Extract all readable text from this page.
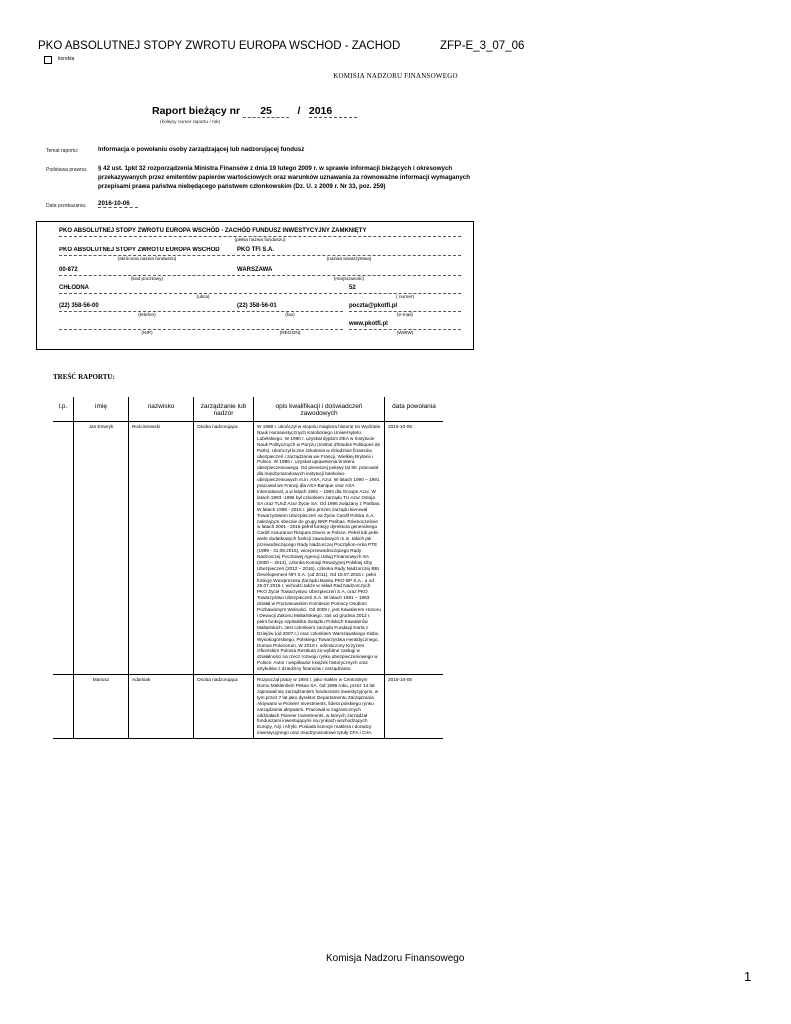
PKO ABSOLUTNEJ STOPY ZWROTU EUROPA WSCHÓD - ZACHÓD	ZFP-E_3_07_06
korekta
KOMISJA NADZORU FINANSOWEGO
Raport bieżący nr 25 / 2016
(kolejny numer raportu / rok)
Temat raportu:	Informacja o powołaniu osoby zarządzającej lub nadzorującej fundusz
Podstawa prawna: § 42 ust. 1pkt 32 rozporządzenia Ministra Finansów z dnia 19 lutego 2009 r. w sprawie informacji bieżących i okresowych przekazywanych przez emitentów papierów wartościowych oraz warunków uznawania za równoważne informacji wymaganych przepisami prawa państwa niebędącego państwem członkowskim (Dz. U. z 2009 r. Nr 33, poz. 259)
Data przekazania: 2016-10-06
PKO ABSOLUTNEJ STOPY ZWROTU EUROPA WSCHÓD - ZACHÓD FUNDUSZ INWESTYCYJNY ZAMKNIĘTY
(pełna nazwa funduszu)
PKO ABSOLUTNEJ STOPY ZWROTU EUROPA WSCHÓD
(skrócona nazwa funduszu)
PKO TFI S.A.
(nazwa towarzystwa)
00-872
(kod pocztowy)
WARSZAWA
(miejscowość)
CHŁODNA
(ulica)
52
( numer)
(22) 358-56-00
(telefon)
(22) 358-56-01
(fax)
poczta@pkotfi.pl
(e-mail)
(NIP)	(REGON)
www.pkotfi.pl
(WWW)
TREŚĆ RAPORTU:
l.p.	imię	nazwisko	zarządzanie lub nadzór	opis kwalifikacji i doświadczeń zawodowych	data powołania
	Jan Emeryk	Rościszewski	Osoba nadzorująca	W 1988 r. ukończył w stopniu magistra historię na Wydziale Nauk Humanistycznych Katolickiego Uniwersytetu Lubelskiego. W 1990 r. uzyskał dyplom DEA w Instytucie Nauk Politycznych w Paryżu (Institut d'Etudes Politiques de Paris). Ukończył liczne szkolenia w dziedzinie finansów, ubezpieczeń i zarządzania we Francji, Wielkiej Brytanii i Polsce. W 1996 r. uzyskał uprawnienia brokera ubezpieczeniowego. Od pierwszej połowy lat 90. pracował dla międzynarodowych instytucji bankowo-ubezpieczeniowych m.in. AXA, Azur. W latach 1990 – 1991 pracował we Francji dla AXA Banque oraz AXA International, a w latach 1991 – 1993 dla Groupe Azur. W latach 1993 -1996 był członkiem zarządu TU Azur Ostoja SA oraz TUnŻ Azur Życie SA. Od 1996 związany z Paribas. W latach 1998 - 2016 r. jako prezes zarządu kierował Towarzystwem Ubezpieczeń na Życie Cardif Polska S.A. należącym obecnie do grupy BNP Paribas. Równocześnie w latach 2001 - 2016 pełnił funkcję dyrektora generalnego Cardif Assurance Risques Divers w Polsce. Pełnił lub pełni wiele dodatkowych funkcji zawodowych m.in. takich jak przewodniczącego Rady Nadzorczej Pocztylion-Arka PTE (1999 - 31.08.2016), wiceprzewodniczącego Rady Nadzorczej Pocztowej Agencji Usług Finansowych SA (2000 – 2014), członka Komisji Rewizyjnej Polskiej Izby Ubezpieczeń (2012 – 2016), członka Rady Nadzorczej BBI Developement NFI S.A. (od 2011). Od 18.07.2016 r. pełni funkcję Wiceprezesa Zarządu Banku PKO BP S.A., a od 25.07.2016 r. wchodzi także w skład Rad Nadzorczych PKO Życie Towarzystwo Ubezpieczeń S.A. oraz PKO Towarzystwo Ubezpieczeń S.A. W latach 1981 – 1983 działał w Prymasowskim Komitecie Pomocy Osobom Pozbawionym Wolności. Od 2009 r. jest Kawalerem Honoru i Dewocji Zakonu Maltańskiego, zaś od grudnia 2012 r. pełni funkcję szpitalnika Związku Polskich Kawalerów Maltańskich. Jest członkiem zarządu Fundacji Karta z Dziejów (od 2007 r.) oraz członkiem Warszawskiego Klubu Wysokogórskiego, Polskiego Towarzystwa Heraldycznego, Domus Polonorum. W 2010 r. odznaczony Krzyżem Oficerskim Polonia Restituta za wybitne zasługi w działalności na rzecz rozwoju rynku ubezpieczeniowego w Polsce. Autor i współautor książek historycznych oraz artykułów z dziedziny finansów i zarządzania.	2016-10-05
	Mariusz	Adamiak	Osoba nadzorująca	Rozpoczął pracę w 1994 r. jako makler w Centralnym Domu Maklerskim Pekao SA. Od 1996 roku, przez 14 lat zajmował się zarządzaniem funduszami inwestycyjnymi, w tym przez 7 lat jako dyrektor Departamentu Zarządzania Aktywami w Pioneer Investments, lidera polskiego rynku zarządzania aktywami. Pracował w zagranicznych oddziałach Pioneer Investments, w których zarządzał funduszami inwestującymi na rynkach wschodzących Europy, Azji i Afryki. Posiada licencje maklera i doradcy inwestycyjnego oraz międzynarodowe tytuły CFA i CIIA.	2016-10-05
Komisja Nadzoru Finansowego
1
